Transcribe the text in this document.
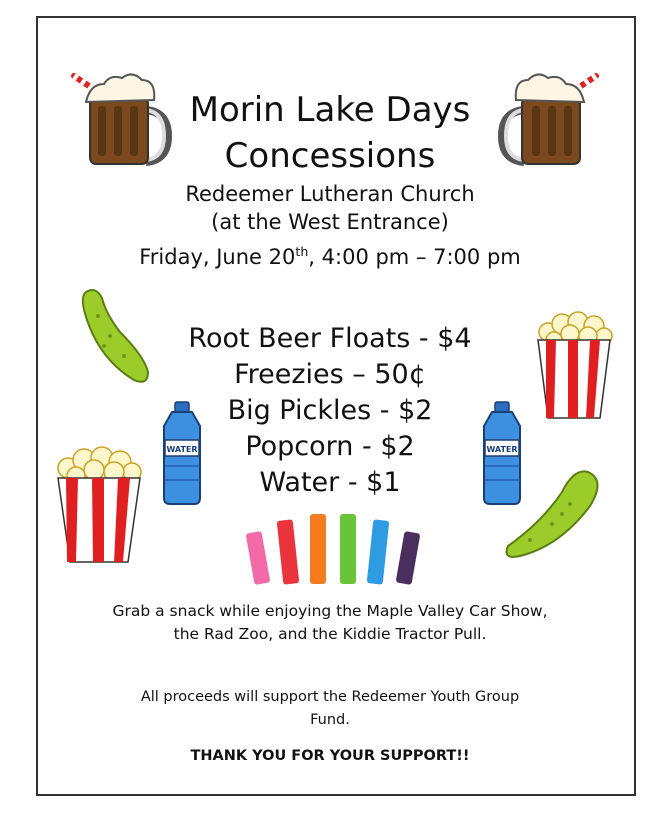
WATER	WATER
Morin Lake Days
Concessions
Redeemer Lutheran Church
(at the West Entrance)
Friday, June 20th, 4:00 pm – 7:00 pm
Root Beer Floats - $4
Freezies – 50¢
Big Pickles - $2
Popcorn - $2
Water - $1
Grab a snack while enjoying the Maple Valley Car Show, the Rad Zoo, and the Kiddie Tractor Pull.
All proceeds will support the Redeemer Youth Group Fund.
THANK YOU FOR YOUR SUPPORT!!
